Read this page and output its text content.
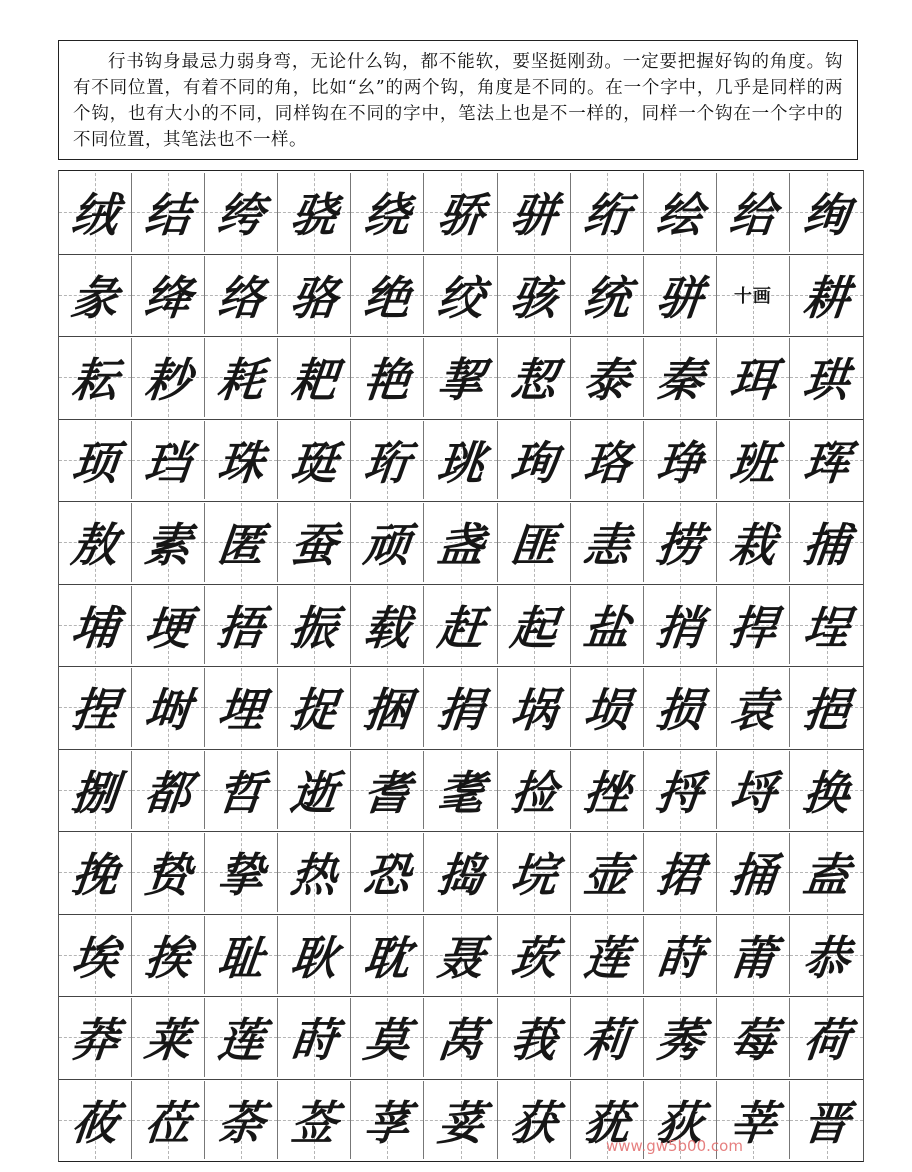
行书钩身最忌力弱身弯，无论什么钩，都不能软，要坚挺刚劲。一定要把握好钩的角度。钩有不同位置，有着不同的角，比如“幺”的两个钩，角度是不同的。在一个字中，几乎是同样的两个钩，也有大小的不同，同样钩在不同的字中，笔法上也是不一样的，同样一个钩在一个字中的不同位置，其笔法也不一样。
绒 结 绔 骁 绕 骄 骈 绗 绘 给 绚
彖 绛 络 骆 绝 绞 骇 统 骈	十画 耕
耘 耖 耗 耙 艳 挈 恝 泰 秦 珥 珙
顼 珰 珠 珽 珩 珧 珣 珞 琤 班 珲
敖 素 匿 蚕 顽 盏 匪 恚 捞 栽 捕
埔 埂 捂 振 载 赶 起 盐 捎 捍 埕
捏 埘 埋 捉 捆 捐 埚 埙 损 袁 挹
捌 都 哲 逝 耆 耄 捡 挫 捋 埒 换
挽 贽 挚 热 恐 捣 垸 壶 捃 捅 盍
埃 挨 耻 耿 耽 聂 莰 莲 莳 莆 恭
莽 莱 莲 莳 莫 莴 莪 莉 莠 莓 荷
莜 莅 荼 莶 莩 荽 获 莸 荻 莘 晋
www.gw5b00.com
